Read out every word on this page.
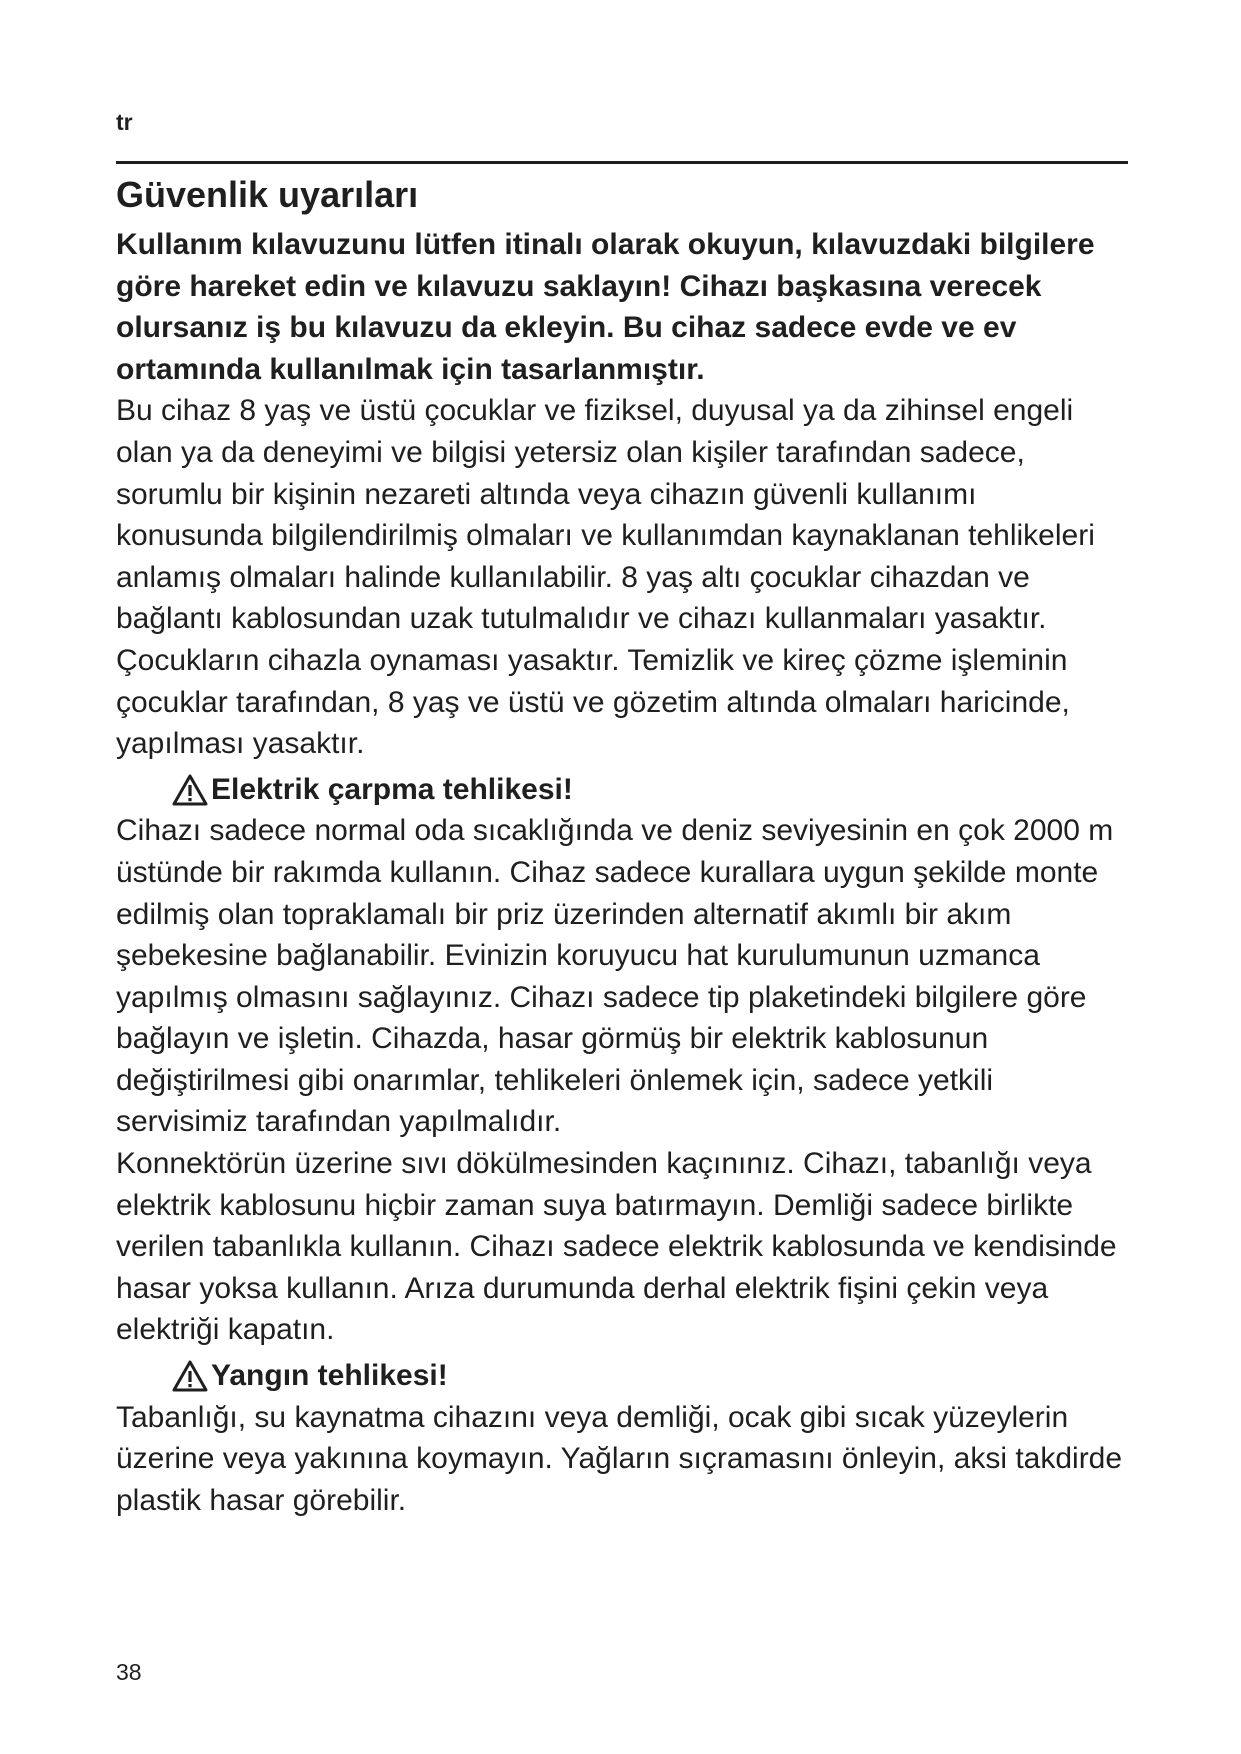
tr
Güvenlik uyarıları

Kullanım kılavuzunu lütfen itinalı olarak okuyun, kılavuzdaki bilgilere göre hareket edin ve kılavuzu saklayın! Cihazı başkasına verecek olursanız iş bu kılavuzu da ekleyin. Bu cihaz sadece evde ve ev ortamında kullanılmak için tasarlanmıştır.

Bu cihaz 8 yaş ve üstü çocuklar ve fiziksel, duyusal ya da zihinsel engeli olan ya da deneyimi ve bilgisi yetersiz olan kişiler tarafından sadece, sorumlu bir kişinin nezareti altında veya cihazın güvenli kullanımı konusunda bilgilendirilmiş olmaları ve kullanımdan kaynaklanan tehlikeleri anlamış olmaları halinde kullanılabilir. 8 yaş altı çocuklar cihazdan ve bağlantı kablosundan uzak tutulmalıdır ve cihazı kullanmaları yasaktır. Çocukların cihazla oynaması yasaktır. Temizlik ve kireç çözme işleminin çocuklar tarafından, 8 yaş ve üstü ve gözetim altında olmaları haricinde, yapılması yasaktır.

Elektrik çarpma tehlikesi!

Cihazı sadece normal oda sıcaklığında ve deniz seviyesinin en çok 2000 m üstünde bir rakımda kullanın. Cihaz sadece kurallara uygun şekilde monte edilmiş olan topraklamalı bir priz üzerinden alternatif akımlı bir akım şebekesine bağlanabilir. Evinizin koruyucu hat kurulumunun uzmanca yapılmış olmasını sağlayınız. Cihazı sadece tip plaketindeki bilgilere göre bağlayın ve işletin. Cihazda, hasar görmüş bir elektrik kablosunun değiştirilmesi gibi onarımlar, tehlikeleri önlemek için, sadece yetkili servisimiz tarafından yapılmalıdır.

Konnektörün üzerine sıvı dökülmesinden kaçınınız. Cihazı, tabanlığı veya elektrik kablosunu hiçbir zaman suya batırmayın. Demliği sadece birlikte verilen tabanlıkla kullanın. Cihazı sadece elektrik kablosunda ve kendisinde hasar yoksa kullanın. Arıza durumunda derhal elektrik fişini çekin veya elektriği kapatın.

Yangın tehlikesi!

Tabanlığı, su kaynatma cihazını veya demliği, ocak gibi sıcak yüzeylerin üzerine veya yakınına koymayın. Yağların sıçramasını önleyin, aksi takdirde plastik hasar görebilir.

38
